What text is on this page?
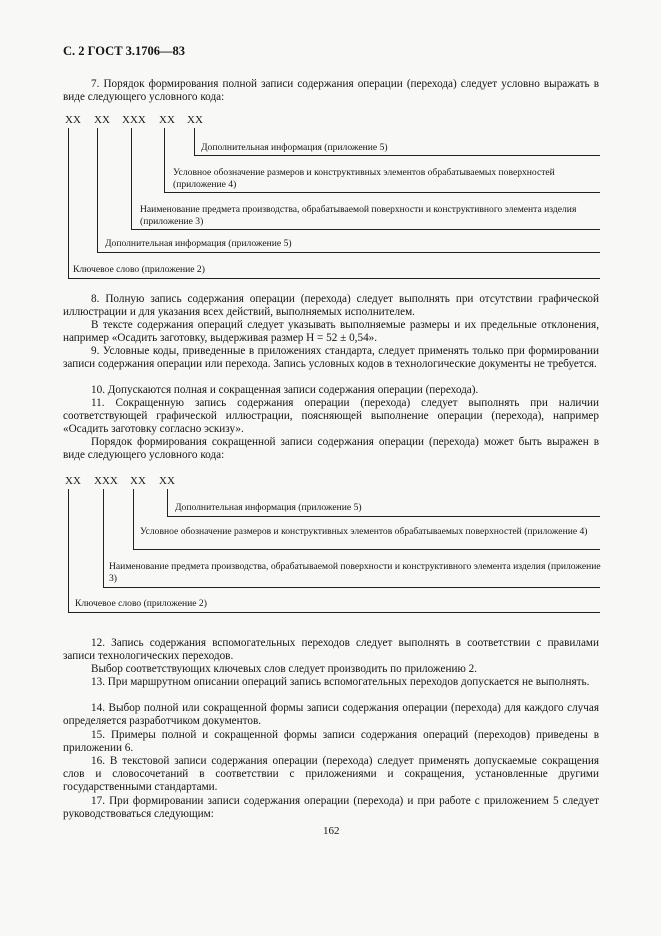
С. 2 ГОСТ 3.1706—83

7. Порядок формирования полной записи содержания операции (перехода) следует условно выражать в виде следующего условного кода:

XX XX XXX XX XX
Дополнительная информация (приложение 5)
Условное обозначение размеров и конструктивных элементов обрабатываемых поверхностей (приложение 4)
Наименование предмета производства, обрабатываемой поверхности и конструктивного элемента изделия (приложение 3)
Дополнительная информация (приложение 5)
Ключевое слово (приложение 2)

8. Полную запись содержания операции (перехода) следует выполнять при отсутствии графической иллюстрации и для указания всех действий, выполняемых исполнителем.

В тексте содержания операций следует указывать выполняемые размеры и их предельные отклонения, например «Осадить заготовку, выдерживая размер H = 52 ± 0,54».

9. Условные коды, приведенные в приложениях стандарта, следует применять только при формировании записи содержания операции или перехода. Запись условных кодов в технологические документы не требуется.

10. Допускаются полная и сокращенная записи содержания операции (перехода).

11. Сокращенную запись содержания операции (перехода) следует выполнять при наличии соответствующей графической иллюстрации, поясняющей выполнение операции (перехода), например «Осадить заготовку согласно эскизу».

Порядок формирования сокращенной записи содержания операции (перехода) может быть выражен в виде следующего условного кода:

XX XXX XX XX
Дополнительная информация (приложение 5)
Условное обозначение размеров и конструктивных элементов обрабатываемых поверхностей (приложение 4)
Наименование предмета производства, обрабатываемой поверхности и конструктивного элемента изделия (приложение 3)
Ключевое слово (приложение 2)

12. Запись содержания вспомогательных переходов следует выполнять в соответствии с правилами записи технологических переходов.

Выбор соответствующих ключевых слов следует производить по приложению 2.

13. При маршрутном описании операций запись вспомогательных переходов допускается не выполнять.

14. Выбор полной или сокращенной формы записи содержания операции (перехода) для каждого случая определяется разработчиком документов.

15. Примеры полной и сокращенной формы записи содержания операций (переходов) приведены в приложении 6.

16. В текстовой записи содержания операции (перехода) следует применять допускаемые сокращения слов и словосочетаний в соответствии с приложениями и сокращения, установленные другими государственными стандартами.

17. При формировании записи содержания операции (перехода) и при работе с приложением 5 следует руководствоваться следующим:

162
